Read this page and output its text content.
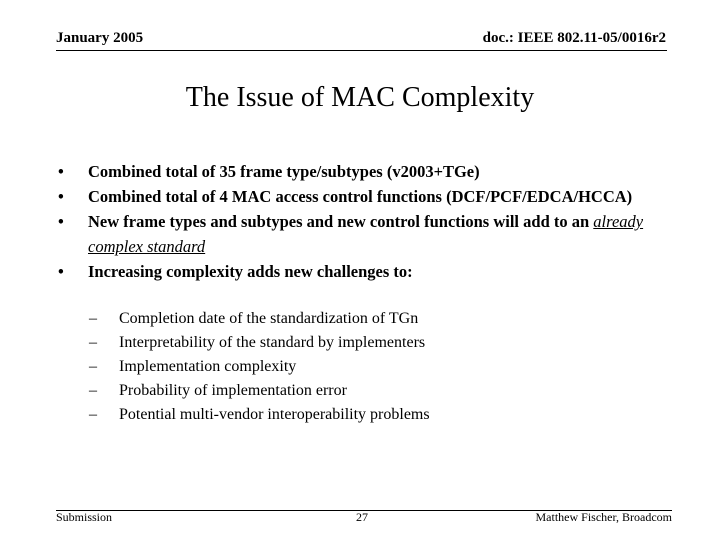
January 2005	doc.: IEEE 802.11-05/0016r2
The Issue of MAC Complexity
• Combined total of 35 frame type/subtypes (v2003+TGe)
• Combined total of 4 MAC access control functions (DCF/PCF/EDCA/HCCA)
• New frame types and subtypes and new control functions will add to an already complex standard
• Increasing complexity adds new challenges to:
– Completion date of the standardization of TGn
– Interpretability of the standard by implementers
– Implementation complexity
– Probability of implementation error
– Potential multi-vendor interoperability problems
Submission	27	Matthew Fischer, Broadcom
